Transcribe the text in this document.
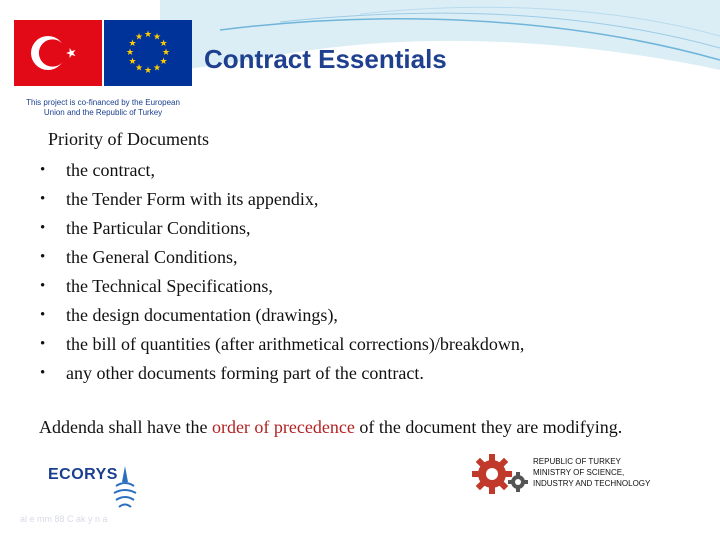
★ ★
★
★
★
★
★
★
★
★
★
★
Contract Essentials
This project is co-financed by the European
Union and the Republic of Turkey
Priority of Documents
• the contract,
• the Tender Form with its appendix,
• the Particular Conditions,
• the General Conditions,
• the Technical Specifications,
• the design documentation (drawings),
• the bill of quantities (after arithmetical corrections)/breakdown,
• any other documents forming part of the contract.
Addenda shall have the order of precedence of the document they are modifying.
ECORYS
REPUBLIC OF TURKEY
MINISTRY OF SCIENCE,
INDUSTRY AND TECHNOLOGY
al e mm 88 C ak y n a
